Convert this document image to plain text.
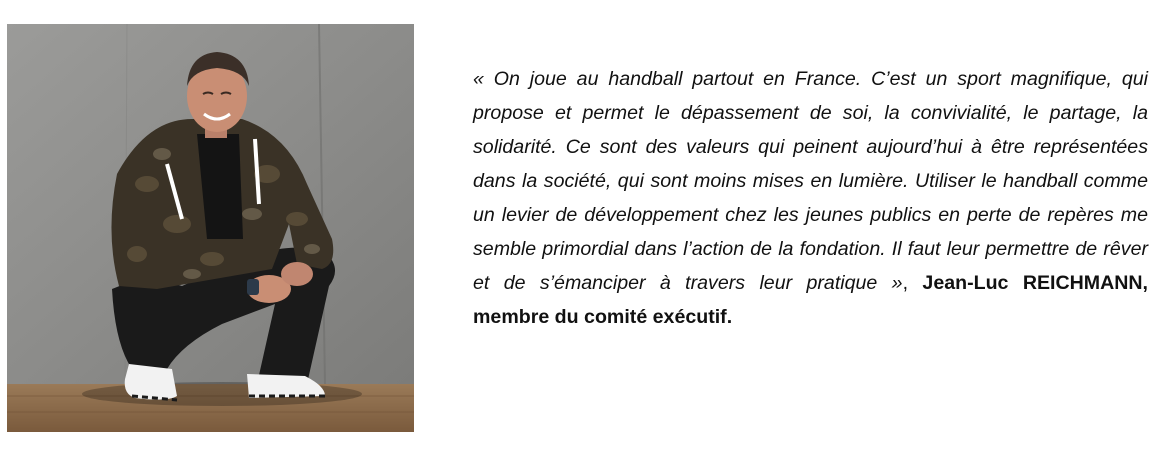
« On joue au handball partout en France. C’est un sport magnifique, qui propose et permet le dépassement de soi, la convivialité, le partage, la solidarité. Ce sont des valeurs qui peinent aujourd’hui à être représentées dans la société, qui sont moins mises en lumière. Utiliser le handball comme un levier de développement chez les jeunes publics en perte de repères me semble primordial dans l’action de la fondation. Il faut leur permettre de rêver et de s’émanciper à travers leur pratique », Jean-Luc REICHMANN, membre du comité exécutif.
